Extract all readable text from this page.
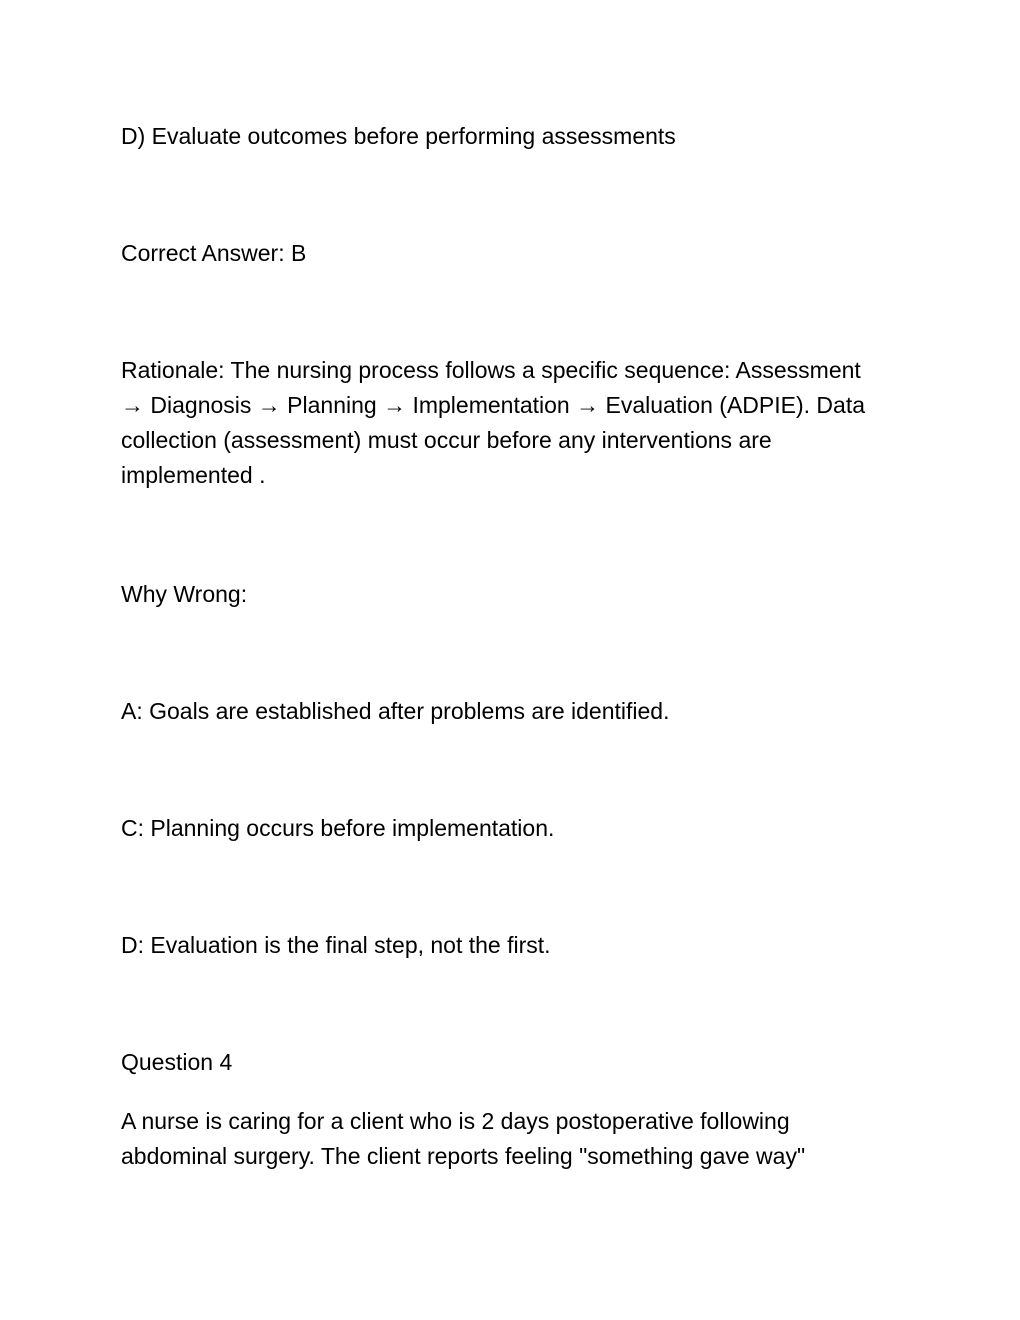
D) Evaluate outcomes before performing assessments

Correct Answer: B

Rationale: The nursing process follows a specific sequence: Assessment
→ Diagnosis → Planning → Implementation → Evaluation (ADPIE). Data
collection (assessment) must occur before any interventions are
implemented .

Why Wrong:

A: Goals are established after problems are identified.

C: Planning occurs before implementation.

D: Evaluation is the final step, not the first.

Question 4

A nurse is caring for a client who is 2 days postoperative following
abdominal surgery. The client reports feeling "something gave way"
